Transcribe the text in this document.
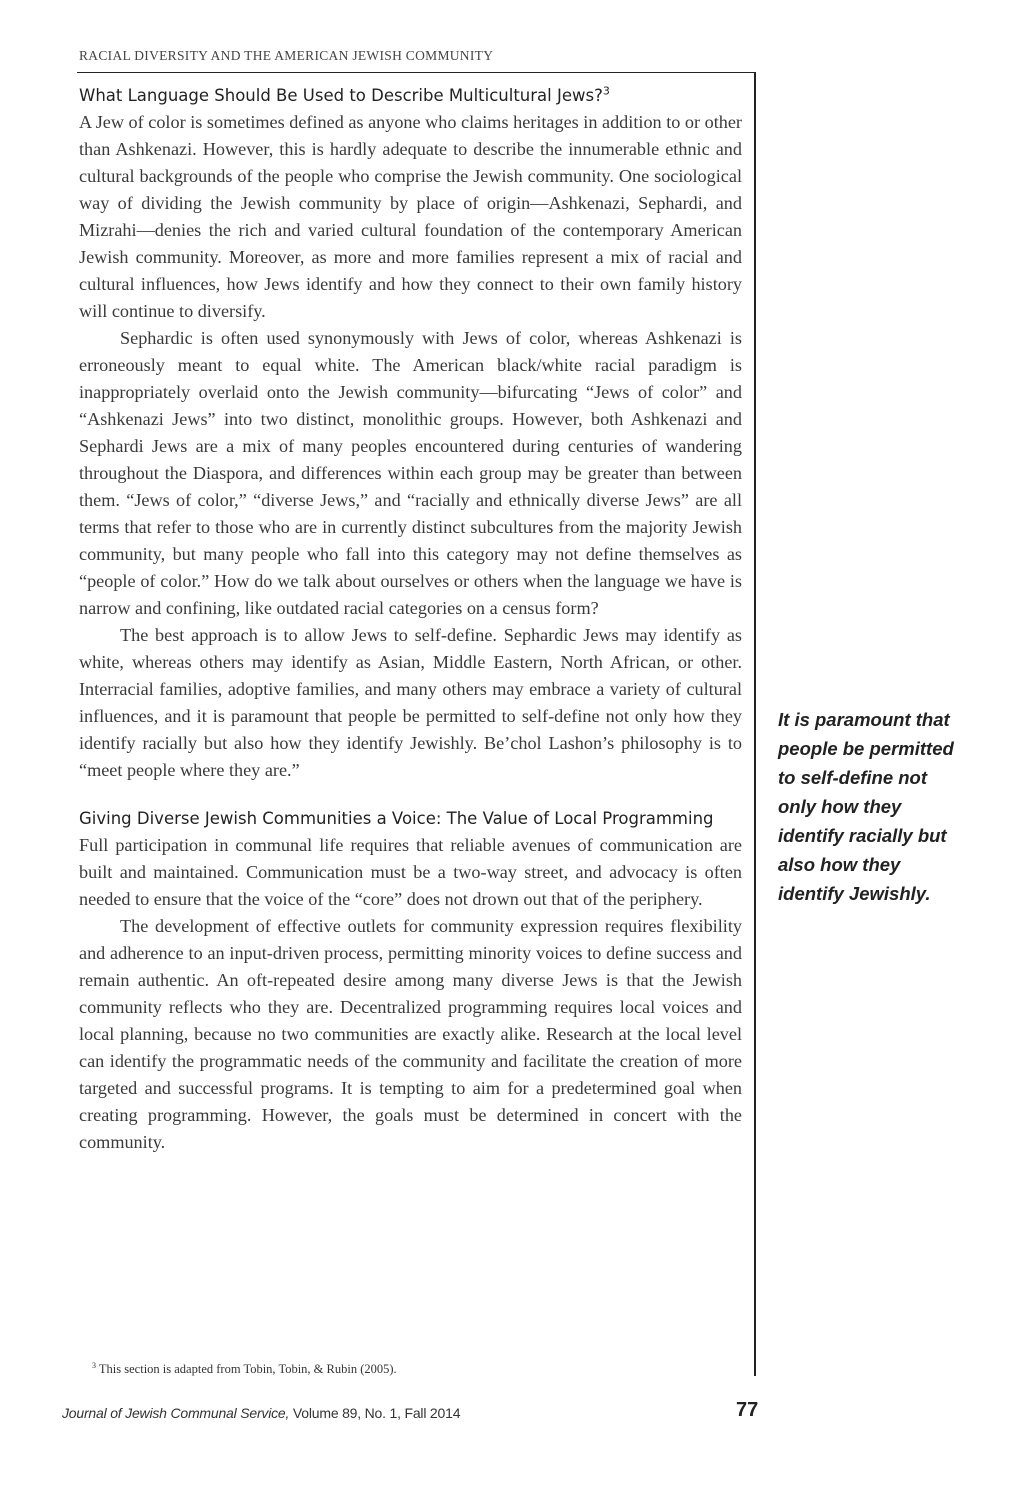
RACIAL DIVERSITY AND THE AMERICAN JEWISH COMMUNITY
What Language Should Be Used to Describe Multicultural Jews?$^3$

A Jew of color is sometimes defined as anyone who claims heritages in addition to or other than Ashkenazi. However, this is hardly adequate to describe the innumerable ethnic and cultural backgrounds of the people who comprise the Jewish community. One sociological way of dividing the Jewish community by place of origin—Ashkenazi, Sephardi, and Mizrahi—denies the rich and varied cultural foundation of the contemporary American Jewish community. Moreover, as more and more families represent a mix of racial and cultural influences, how Jews identify and how they connect to their own family history will continue to diversify.

Sephardic is often used synonymously with Jews of color, whereas Ashkenazi is erroneously meant to equal white. The American black/white racial paradigm is inappropriately overlaid onto the Jewish community—bifurcating “Jews of color” and “Ashkenazi Jews” into two distinct, monolithic groups. However, both Ashkenazi and Sephardi Jews are a mix of many peoples encountered during centuries of wandering throughout the Diaspora, and differences within each group may be greater than between them. “Jews of color,” “diverse Jews,” and “racially and ethnically diverse Jews” are all terms that refer to those who are in currently distinct subcultures from the majority Jewish community, but many people who fall into this category may not define themselves as “people of color.” How do we talk about ourselves or others when the language we have is narrow and confining, like outdated racial categories on a census form?

The best approach is to allow Jews to self-define. Sephardic Jews may identify as white, whereas others may identify as Asian, Middle Eastern, North African, or other. Interracial families, adoptive families, and many others may embrace a variety of cultural influences, and it is paramount that people be permitted to self-define not only how they identify racially but also how they identify Jewishly. Be’chol Lashon’s philosophy is to “meet people where they are.”

Giving Diverse Jewish Communities a Voice: The Value of Local Programming

Full participation in communal life requires that reliable avenues of communication are built and maintained. Communication must be a two-way street, and advocacy is often needed to ensure that the voice of the “core” does not drown out that of the periphery.

The development of effective outlets for community expression requires flexibility and adherence to an input-driven process, permitting minority voices to define success and remain authentic. An oft-repeated desire among many diverse Jews is that the Jewish community reflects who they are. Decentralized programming requires local voices and local planning, because no two communities are exactly alike. Research at the local level can identify the programmatic needs of the community and facilitate the creation of more targeted and successful programs. It is tempting to aim for a predetermined goal when creating programming. However, the goals must be determined in concert with the community.

It is paramount that people be permitted to self-define not only how they identify racially but also how they identify Jewishly.
$^3$ This section is adapted from Tobin, Tobin, & Rubin (2005).
Journal of Jewish Communal Service, Volume 89, No. 1, Fall 2014	77
